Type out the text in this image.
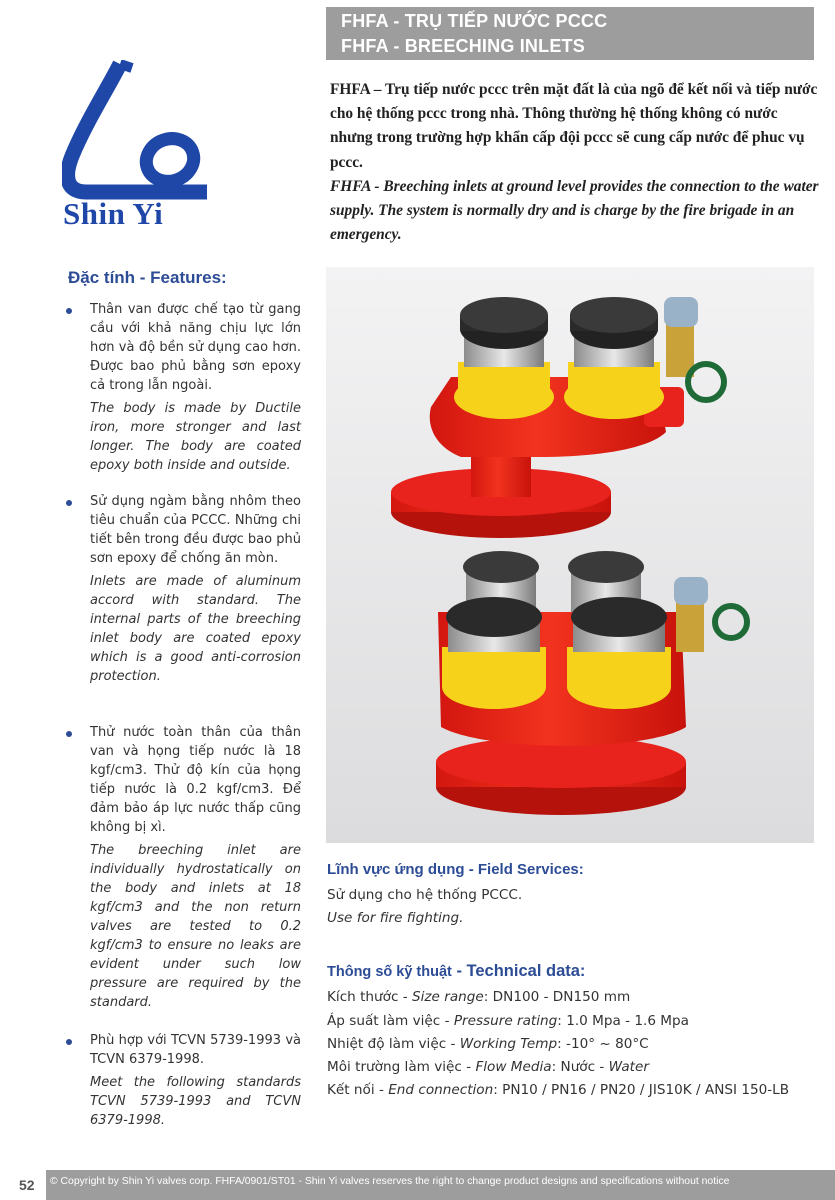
FHFA - TRỤ TIẾP NƯỚC PCCC
FHFA - BREECHING INLETS
Shin Yi
FHFA – Trụ tiếp nước pccc trên mặt đất là của ngõ để kết nối và tiếp nước cho hệ thống pccc trong nhà. Thông thường hệ thống không có nước nhưng trong trường hợp khẩn cấp đội pccc sẽ cung cấp nước để phuc vụ pccc.
FHFA - Breeching inlets at ground level provides the connection to the water supply. The system is normally dry and is charge by the fire brigade in an emergency.
Đặc tính - Features:
Thân van được chế tạo từ gang cầu với khả năng chịu lực lớn hơn và độ bền sử dụng cao hơn. Được bao phủ bằng sơn epoxy cả trong lẫn ngoài.
The body is made by Ductile iron, more stronger and last longer. The body are coated epoxy both inside and outside.
Sử dụng ngàm bằng nhôm theo tiêu chuẩn của PCCC. Những chi tiết bên trong đều được bao phủ sơn epoxy để chống ăn mòn.
Inlets are made of aluminum accord with standard. The internal parts of the breeching inlet body are coated epoxy which is a good anti-corrosion protection.
Thử nước toàn thân của thân van và họng tiếp nước là 18 kgf/cm3. Thử độ kín của họng tiếp nước là 0.2 kgf/cm3. Để đảm bảo áp lực nước thấp cũng không bị xì.
The breeching inlet are individually hydrostatically on the body and inlets at 18 kgf/cm3 and the non return valves are tested to 0.2 kgf/cm3 to ensure no leaks are evident under such low pressure are required by the standard.
Phù hợp với TCVN 5739-1993 và TCVN 6379-1998.
Meet the following standards TCVN 5739-1993 and TCVN 6379-1998.
Lĩnh vực ứng dụng - Field Services:
Sử dụng cho hệ thống PCCC.
Use for fire fighting.
Thông số kỹ thuật - Technical data:
Kích thước - Size range: DN100 - DN150 mm
Áp suất làm việc - Pressure rating: 1.0 Mpa - 1.6 Mpa
Nhiệt độ làm việc - Working Temp: -10° ~ 80°C
Môi trường làm việc - Flow Media: Nước - Water
Kết nối - End connection: PN10 / PN16 / PN20 / JIS10K / ANSI 150-LB
52	© Copyright by Shin Yi valves corp. FHFA/0901/ST01 - Shin Yi valves reserves the right to change product designs and specifications without notice
